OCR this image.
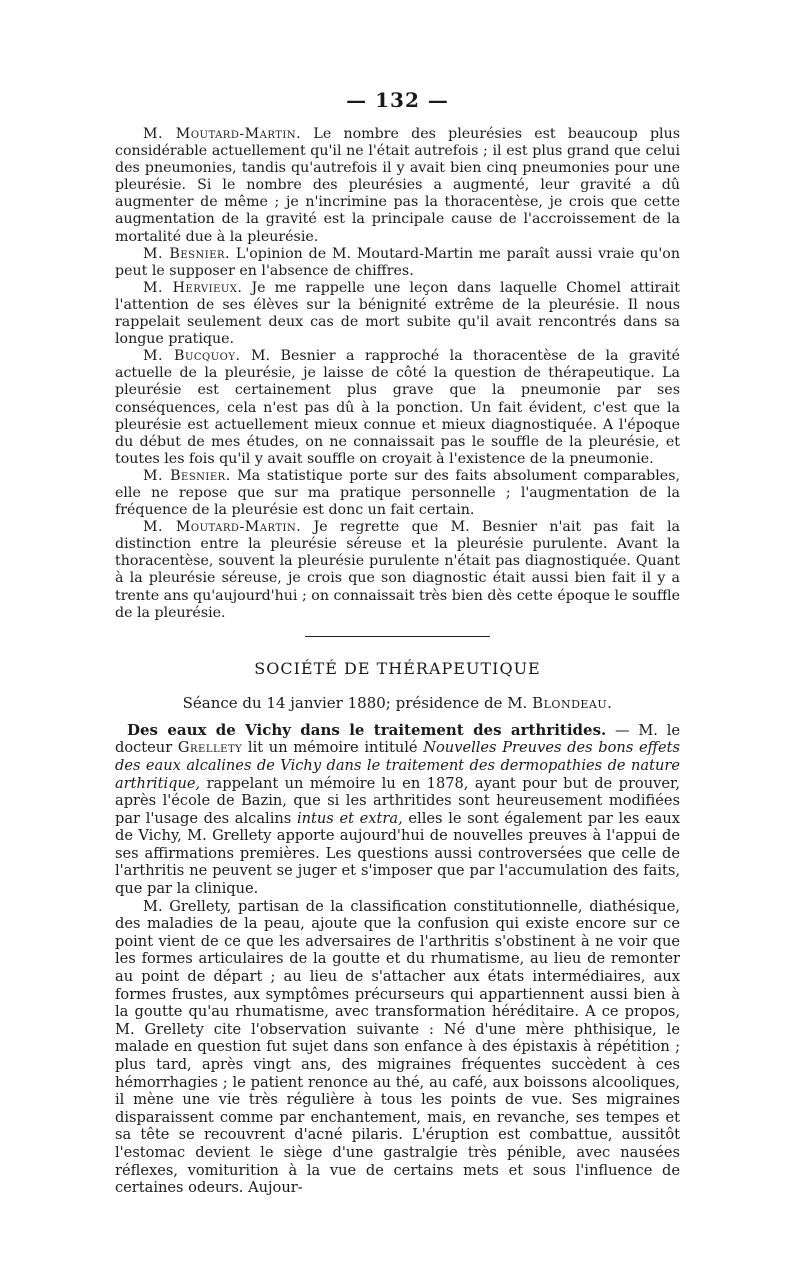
— 132 —

M. Moutard-Martin. Le nombre des pleurésies est beaucoup plus considérable actuellement qu'il ne l'était autrefois ; il est plus grand que celui des pneumonies, tandis qu'autrefois il y avait bien cinq pneumonies pour une pleurésie. Si le nombre des pleurésies a augmenté, leur gravité a dû augmenter de même ; je n'incrimine pas la thoracentèse, je crois que cette augmentation de la gravité est la principale cause de l'accroissement de la mortalité due à la pleurésie.

M. Besnier. L'opinion de M. Moutard-Martin me paraît aussi vraie qu'on peut le supposer en l'absence de chiffres.

M. Hervieux. Je me rappelle une leçon dans laquelle Chomel attirait l'attention de ses élèves sur la bénignité extrême de la pleurésie. Il nous rappelait seulement deux cas de mort subite qu'il avait rencontrés dans sa longue pratique.

M. Bucquoy. M. Besnier a rapproché la thoracentèse de la gravité actuelle de la pleurésie, je laisse de côté la question de thérapeutique. La pleurésie est certainement plus grave que la pneumonie par ses conséquences, cela n'est pas dû à la ponction. Un fait évident, c'est que la pleurésie est actuellement mieux connue et mieux diagnostiquée. A l'époque du début de mes études, on ne connaissait pas le souffle de la pleurésie, et toutes les fois qu'il y avait souffle on croyait à l'existence de la pneumonie.

M. Besnier. Ma statistique porte sur des faits absolument comparables, elle ne repose que sur ma pratique personnelle ; l'augmentation de la fréquence de la pleurésie est donc un fait certain.

M. Moutard-Martin. Je regrette que M. Besnier n'ait pas fait la distinction entre la pleurésie séreuse et la pleurésie purulente. Avant la thoracentèse, souvent la pleurésie purulente n'était pas diagnostiquée. Quant à la pleurésie séreuse, je crois que son diagnostic était aussi bien fait il y a trente ans qu'aujourd'hui ; on connaissait très bien dès cette époque le souffle de la pleurésie.

SOCIÉTÉ DE THÉRAPEUTIQUE
Séance du 14 janvier 1880; présidence de M. Blondeau.

Des eaux de Vichy dans le traitement des arthritides. — M. le docteur Grellety lit un mémoire intitulé Nouvelles Preuves des bons effets des eaux alcalines de Vichy dans le traitement des dermopathies de nature arthritique, rappelant un mémoire lu en 1878, ayant pour but de prouver, après l'école de Bazin, que si les arthritides sont heureusement modifiées par l'usage des alcalins intus et extra, elles le sont également par les eaux de Vichy, M. Grellety apporte aujourd'hui de nouvelles preuves à l'appui de ses affirmations premières. Les questions aussi controversées que celle de l'arthritis ne peuvent se juger et s'imposer que par l'accumulation des faits, que par la clinique.

M. Grellety, partisan de la classification constitutionnelle, diathésique, des maladies de la peau, ajoute que la confusion qui existe encore sur ce point vient de ce que les adversaires de l'arthritis s'obstinent à ne voir que les formes articulaires de la goutte et du rhumatisme, au lieu de remonter au point de départ ; au lieu de s'attacher aux états intermédiaires, aux formes frustes, aux symptômes précurseurs qui appartiennent aussi bien à la goutte qu'au rhumatisme, avec transformation héréditaire. A ce propos, M. Grellety cite l'observation suivante : Né d'une mère phthisique, le malade en question fut sujet dans son enfance à des épistaxis à répétition ; plus tard, après vingt ans, des migraines fréquentes succèdent à ces hémorrhagies ; le patient renonce au thé, au café, aux boissons alcooliques, il mène une vie très régulière à tous les points de vue. Ses migraines disparaissent comme par enchantement, mais, en revanche, ses tempes et sa tête se recouvrent d'acné pilaris. L'éruption est combattue, aussitôt l'estomac devient le siège d'une gastralgie très pénible, avec nausées réflexes, vomiturition à la vue de certains mets et sous l'influence de certaines odeurs. Aujour-
